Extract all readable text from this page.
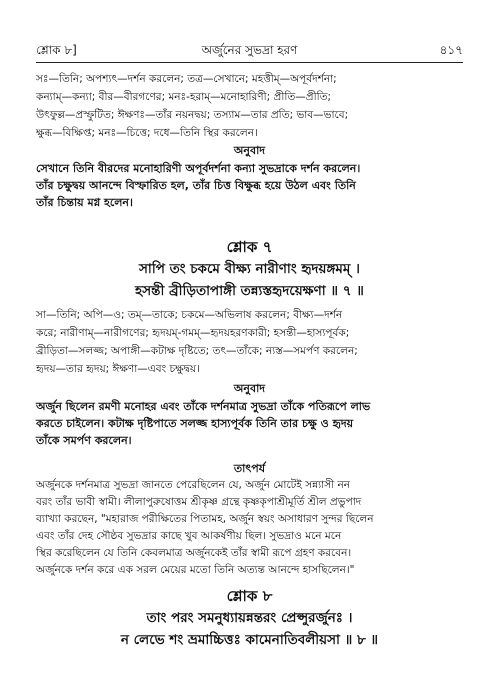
শ্লোক ৮]	অর্জুনের সুভদ্রা হরণ	৪১৭
সঃ—তিনি; অপশ্যৎ—দর্শন করলেন; তত্র—সেখানে; মহত্তীম্—অপূর্বদর্শনা;
কন্যাম্—কন্যা; বীর—বীরগণের; মনঃ-হরাম্—মনোহারিণী; প্রীতি—প্রীতি;
উৎফুল্ল—প্রস্ফুটিত; ঈক্ষণঃ—তাঁর নয়নদ্বয়; তস্যাম—তার প্রতি; ভাব—ভাবে;
ক্ষুব্ধ—বিক্ষিপ্ত; মনঃ—চিত্তে; দধে—তিনি স্থির করলেন।
অনুবাদ
সেখানে তিনি বীরদের মনোহারিণী অপূর্বদর্শনা কন্যা সুভদ্রাকে দর্শন করলেন।
তাঁর চক্ষুদ্বয় আনন্দে বিস্ফারিত হল, তাঁর চিত্ত বিক্ষুব্ধ হয়ে উঠল এবং তিনি
তাঁর চিন্তায় মগ্ন হলেন।
শ্লোক ৭
সাপি তং চকমে বীক্ষ্য নারীণাং হৃদয়ঙ্গমম্ ।
হসন্তী ব্রীড়িতাপাঙ্গী তন্ন্যস্তহৃদয়েক্ষণা ॥ ৭ ॥
সা—তিনি; অপি—ও; তম্—তাকে; চকমে—অভিলাষ করলেন; বীক্ষ্য—দর্শন
করে; নারীণাম্—নারীগণের; হৃদয়ম্-গমম্—হৃদয়হরণকারী; হসন্তী—হাস্যপূর্বক;
ব্রীড়িতা—সলজ্জ; অপাঙ্গী—কটাক্ষ দৃষ্টিতে; তৎ—তাঁকে; ন্যস্ত—সমর্পণ করলেন;
হৃদয়—তার হৃদয়; ঈক্ষণা—এবং চক্ষুদ্বয়।
অনুবাদ
অর্জুন ছিলেন রমণী মনোহর এবং তাঁকে দর্শনমাত্র সুভদ্রা তাঁকে পতিরূপে লাভ
করতে চাইলেন। কটাক্ষ দৃষ্টিপাতে সলজ্জ হাস্যপূর্বক তিনি তার চক্ষু ও হৃদয়
তাঁকে সমর্পণ করলেন।
তাৎপর্য
অর্জুনকে দর্শনমাত্র সুভদ্রা জানতে পেরেছিলেন যে, অর্জুন মোটেই সন্ন্যাসী নন
বরং তাঁর ভাবী স্বামী। লীলাপুরুষোত্তম শ্রীকৃষ্ণ গ্রন্থে কৃষ্ণকৃপাশ্রীমূর্তি শ্রীল প্রভুপাদ
ব্যাখ্যা করছেন, "মহারাজ পরীক্ষিতের পিতামহ, অর্জুন স্বয়ং অসাধারণ সুন্দর ছিলেন
এবং তাঁর দেহ সৌষ্ঠব সুভদ্রার কাছে খুব আকর্ষণীয় ছিল। সুভদ্রাও মনে মনে
স্থির করেছিলেন যে তিনি কেবলমাত্র অর্জুনকেই তাঁর স্বামী রূপে গ্রহণ করবেন।
অর্জুনকে দর্শন করে এক সরল মেয়ের মতো তিনি অত্যন্ত আনন্দে হাসছিলেন।"
শ্লোক ৮
তাং পরং সমনুধ্যায়ন্নন্তরং প্রেপ্সুরর্জুনঃ ।
ন লেভে শং ভ্রমাচ্চিত্তঃ কামেনাতিবলীয়সা ॥ ৮ ॥
